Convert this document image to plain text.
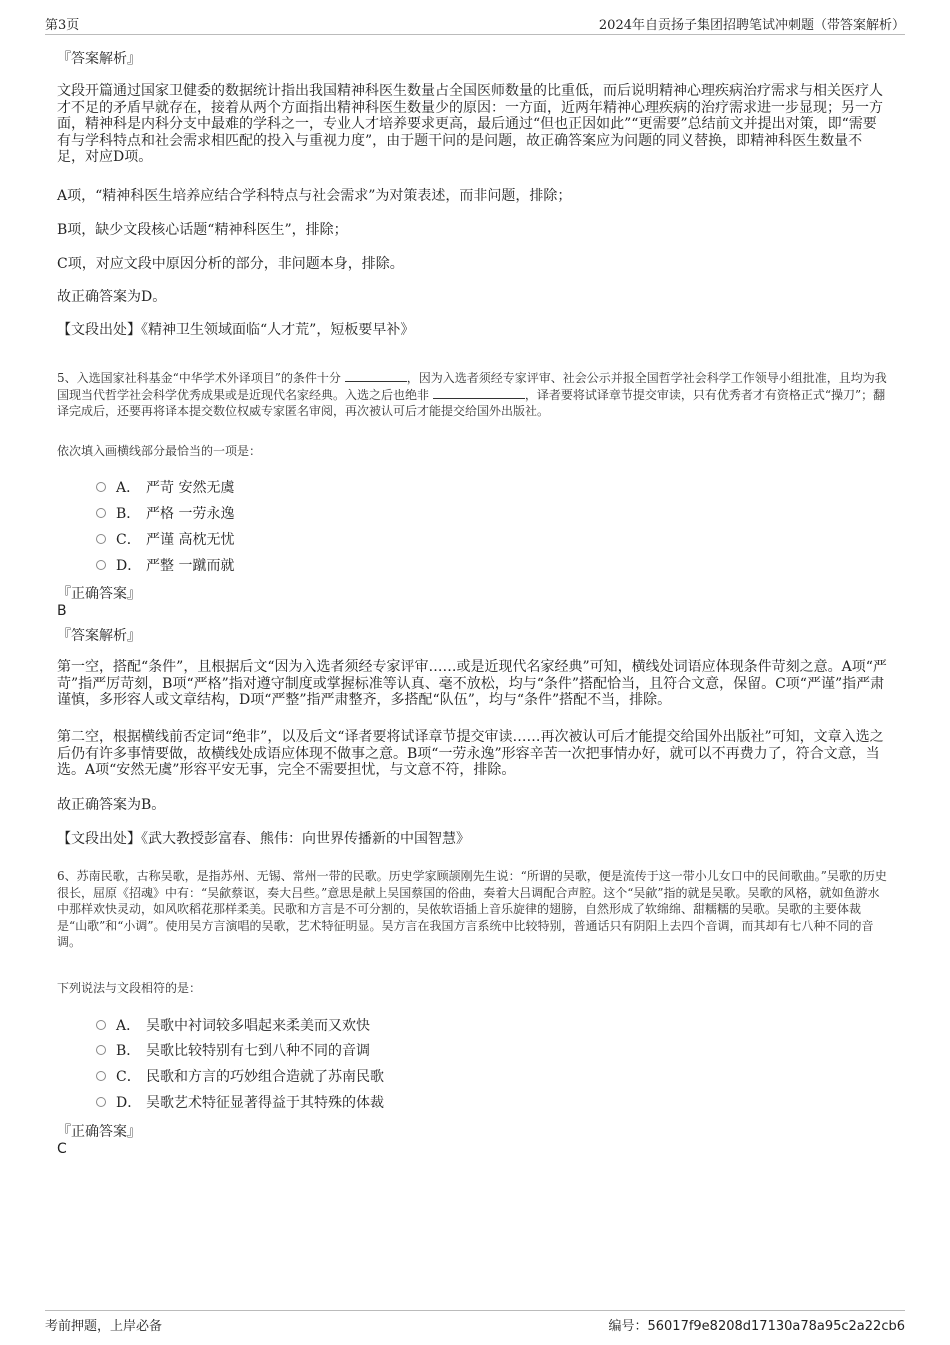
第3页	2024年自贡扬子集团招聘笔试冲刺题（带答案解析）
『答案解析』

文段开篇通过国家卫健委的数据统计指出我国精神科医生数量占全国医师数量的比重低，而后说明精神心理疾病治疗需求与相关医疗人才不足的矛盾早就存在，接着从两个方面指出精神科医生数量少的原因：一方面，近两年精神心理疾病的治疗需求进一步显现；另一方面，精神科是内科分支中最难的学科之一，专业人才培养要求更高，最后通过“但也正因如此”“更需要”总结前文并提出对策，即“需要有与学科特点和社会需求相匹配的投入与重视力度”，由于题干问的是问题，故正确答案应为问题的同义替换，即精神科医生数量不足，对应D项。

A项，“精神科医生培养应结合学科特点与社会需求”为对策表述，而非问题，排除；

B项，缺少文段核心话题“精神科医生”，排除；

C项，对应文段中原因分析的部分，非问题本身，排除。

故正确答案为D。

【文段出处】《精神卫生领域面临“人才荒”，短板要早补》

5、入选国家社科基金“中华学术外译项目”的条件十分	，因为入选者须经专家评审、社会公示并报全国哲学社会科学工作领导小组批准，且均为我国现当代哲学社会科学优秀成果或是近现代名家经典。入选之后也绝非	，译者要将试译章节提交审读，只有优秀者才有资格正式“操刀”；翻译完成后，还要再将译本提交数位权威专家匿名审阅，再次被认可后才能提交给国外出版社。

依次填入画横线部分最恰当的一项是：

A． 严苛 安然无虞
B． 严格 一劳永逸
C． 严谨 高枕无忧
D． 严整 一蹴而就
『正确答案』
B
『答案解析』

第一空，搭配“条件”，且根据后文“因为入选者须经专家评审……或是近现代名家经典”可知，横线处词语应体现条件苛刻之意。A项“严苛”指严厉苛刻，B项“严格”指对遵守制度或掌握标准等认真、毫不放松，均与“条件”搭配恰当，且符合文意，保留。C项“严谨”指严肃谨慎，多形容人或文章结构，D项“严整”指严肃整齐，多搭配“队伍”，均与“条件”搭配不当，排除。

第二空，根据横线前否定词“绝非”，以及后文“译者要将试译章节提交审读……再次被认可后才能提交给国外出版社”可知，文章入选之后仍有许多事情要做，故横线处成语应体现不做事之意。B项“一劳永逸”形容辛苦一次把事情办好，就可以不再费力了，符合文意，当选。A项“安然无虞”形容平安无事，完全不需要担忧，与文意不符，排除。

故正确答案为B。

【文段出处】《武大教授彭富春、熊伟：向世界传播新的中国智慧》

6、苏南民歌，古称吴歌，是指苏州、无锡、常州一带的民歌。历史学家顾颉刚先生说：“所谓的吴歌，便是流传于这一带小儿女口中的民间歌曲。”吴歌的历史很长，屈原《招魂》中有：“吴歈蔡讴，奏大吕些。”意思是献上吴国蔡国的俗曲，奏着大吕调配合声腔。这个“吴歈”指的就是吴歌。吴歌的风格，就如鱼游水中那样欢快灵动，如风吹稻花那样柔美。民歌和方言是不可分割的，吴侬软语插上音乐旋律的翅膀，自然形成了软绵绵、甜糯糯的吴歌。吴歌的主要体裁是“山歌”和“小调”。使用吴方言演唱的吴歌，艺术特征明显。吴方言在我国方言系统中比较特别，普通话只有阴阳上去四个音调，而其却有七八种不同的音调。

下列说法与文段相符的是：

A． 吴歌中衬词较多唱起来柔美而又欢快
B． 吴歌比较特别有七到八种不同的音调
C． 民歌和方言的巧妙组合造就了苏南民歌
D． 吴歌艺术特征显著得益于其特殊的体裁
『正确答案』
C
考前押题，上岸必备	编号：56017f9e8208d17130a78a95c2a22cb6
